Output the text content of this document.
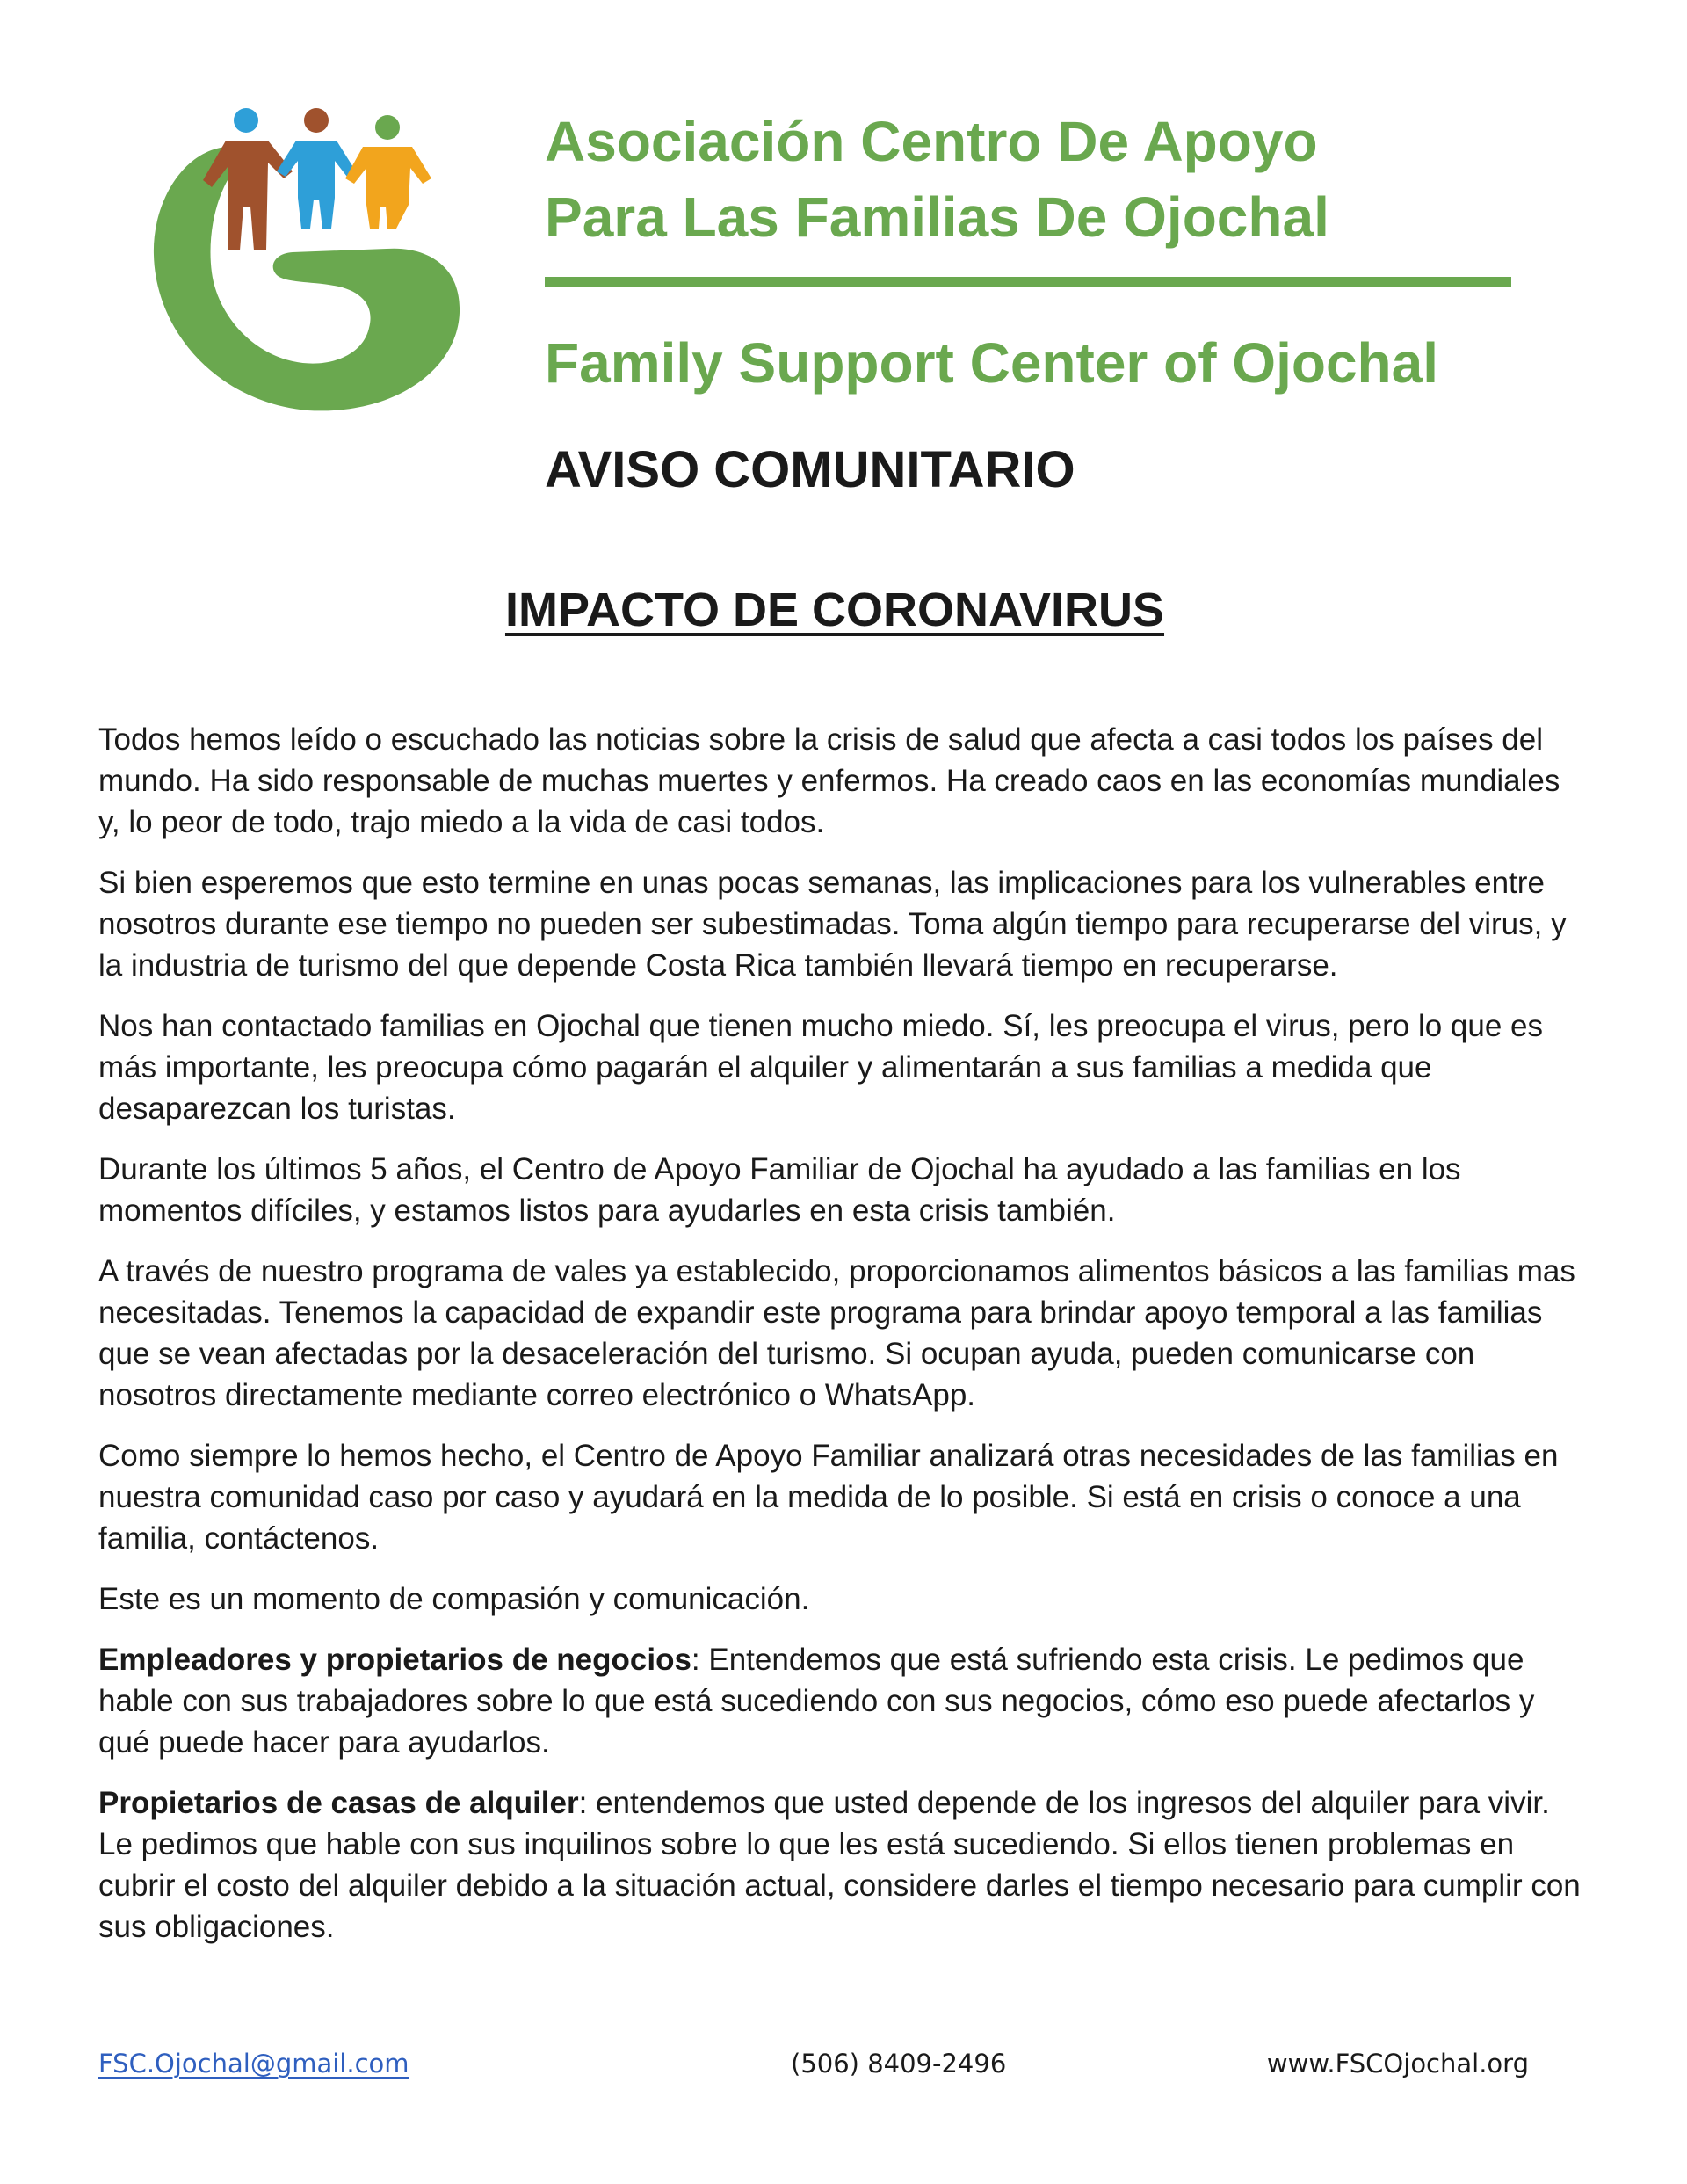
Asociación Centro De Apoyo
Para Las Familias De Ojochal
Family Support Center of Ojochal
AVISO COMUNITARIO
IMPACTO DE CORONAVIRUS

Todos hemos leído o escuchado las noticias sobre la crisis de salud que afecta a casi todos los países del mundo. Ha sido responsable de muchas muertes y enfermos. Ha creado caos en las economías mundiales y, lo peor de todo, trajo miedo a la vida de casi todos.

Si bien esperemos que esto termine en unas pocas semanas, las implicaciones para los vulnerables entre nosotros durante ese tiempo no pueden ser subestimadas. Toma algún tiempo para recuperarse del virus, y la industria de turismo del que depende Costa Rica también llevará tiempo en recuperarse.

Nos han contactado familias en Ojochal que tienen mucho miedo. Sí, les preocupa el virus, pero lo que es más importante, les preocupa cómo pagarán el alquiler y alimentarán a sus familias a medida que desaparezcan los turistas.

Durante los últimos 5 años, el Centro de Apoyo Familiar de Ojochal ha ayudado a las familias en los momentos difíciles, y estamos listos para ayudarles en esta crisis también.

A través de nuestro programa de vales ya establecido, proporcionamos alimentos básicos a las familias mas necesitadas. Tenemos la capacidad de expandir este programa para brindar apoyo temporal a las familias que se vean afectadas por la desaceleración del turismo. Si ocupan ayuda, pueden comunicarse con nosotros directamente mediante correo electrónico o WhatsApp.

Como siempre lo hemos hecho, el Centro de Apoyo Familiar analizará otras necesidades de las familias en nuestra comunidad caso por caso y ayudará en la medida de lo posible. Si está en crisis o conoce a una familia, contáctenos.

Este es un momento de compasión y comunicación.

Empleadores y propietarios de negocios: Entendemos que está sufriendo esta crisis. Le pedimos que hable con sus trabajadores sobre lo que está sucediendo con sus negocios, cómo eso puede afectarlos y qué puede hacer para ayudarlos.

Propietarios de casas de alquiler: entendemos que usted depende de los ingresos del alquiler para vivir. Le pedimos que hable con sus inquilinos sobre lo que les está sucediendo. Si ellos tienen problemas en cubrir el costo del alquiler debido a la situación actual, considere darles el tiempo necesario para cumplir con sus obligaciones.

FSC.Ojochal@gmail.com	(506) 8409-2496	www.FSCOjochal.org
